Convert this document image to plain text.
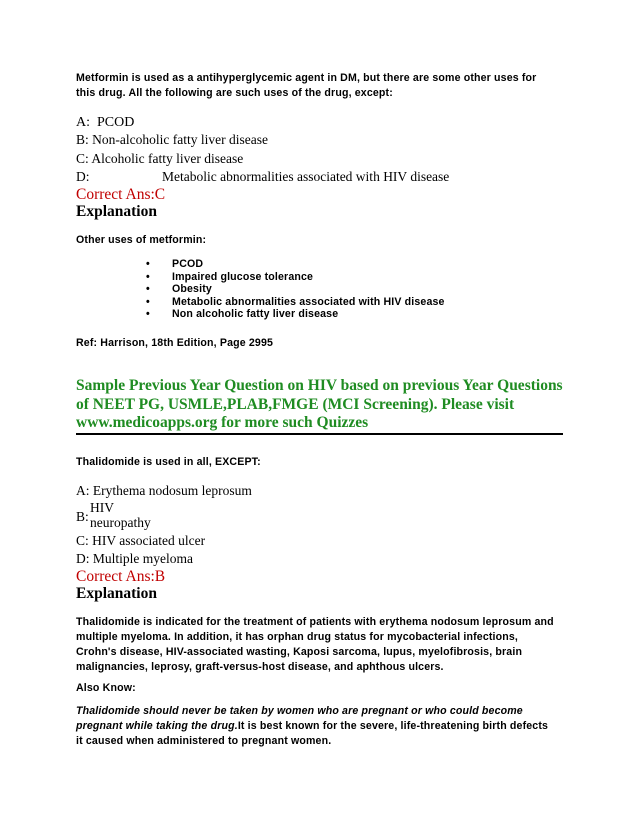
Metformin is used as a antihyperglycemic agent in DM, but there are some other uses for this drug. All the following are such uses of the drug, except:

A: PCOD
B: Non-alcoholic fatty liver disease
C: Alcoholic fatty liver disease
D:	Metabolic abnormalities associated with HIV disease
Correct Ans:C
Explanation
Other uses of metformin:
• PCOD
• Impaired glucose tolerance
• Obesity
• Metabolic abnormalities associated with HIV disease
• Non alcoholic fatty liver disease
Ref: Harrison, 18th Edition, Page 2995

Sample Previous Year Question on HIV based on previous Year Questions of NEET PG, USMLE,PLAB,FMGE (MCI Screening). Please visit www.medicoapps.org for more such Quizzes

Thalidomide is used in all, EXCEPT:
A: Erythema nodosum leprosum
B:
HIV
neuropathy
C: HIV associated ulcer
D: Multiple myeloma
Correct Ans:B
Explanation

Thalidomide is indicated for the treatment of patients with erythema nodosum leprosum and multiple myeloma. In addition, it has orphan drug status for mycobacterial infections, Crohn's disease, HIV-associated wasting, Kaposi sarcoma, lupus, myelofibrosis, brain malignancies, leprosy, graft-versus-host disease, and aphthous ulcers.

Also Know:

Thalidomide should never be taken by women who are pregnant or who could become pregnant while taking the drug.It is best known for the severe, life-threatening birth defects it caused when administered to pregnant women.
